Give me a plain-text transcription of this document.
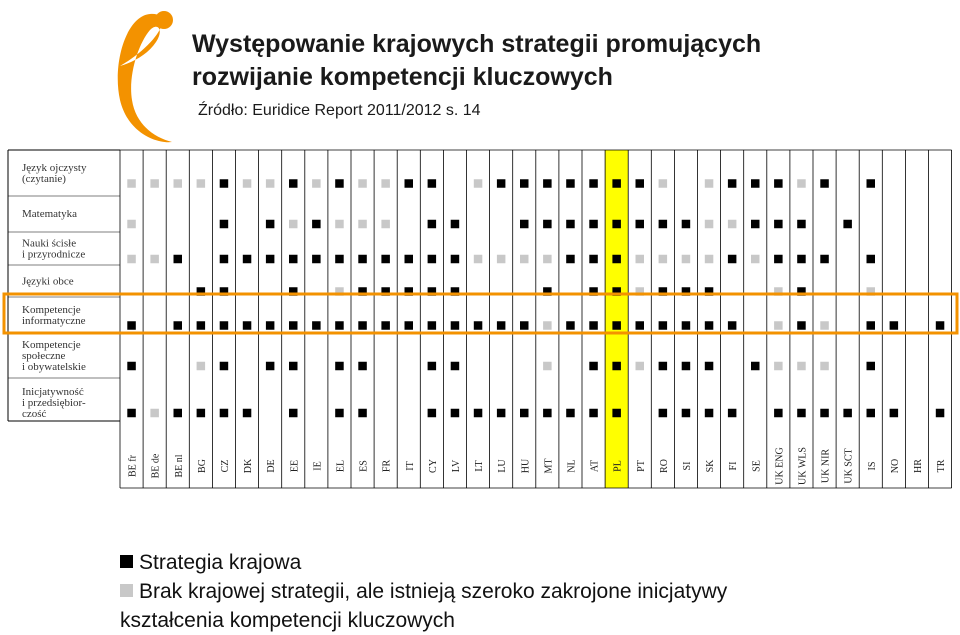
Występowanie krajowych strategii promujących
rozwijanie kompetencji kluczowych

Źródło: Euridice Report 2011/2012 s. 14

Język ojczysty
(czytanie)
Matematyka
Nauki ścisłe
i przyrodnicze
Języki obce
Kompetencje
informatyczne
Kompetencje
społeczne
i obywatelskie
Inicjatywność
i przedsiębior-
czość
BE fr BE de BE nl BG CZ DK DE EE IE EL ES FR IT CY LV LT LU HU MT NL AT PL PT RO SI SK FI SE UK ENG UK WLS UK NIR UK SCT IS NO HR TR
Strategia krajowa
Brak krajowej strategii, ale istnieją szeroko zakrojone inicjatywy
kształcenia kompetencji kluczowych
